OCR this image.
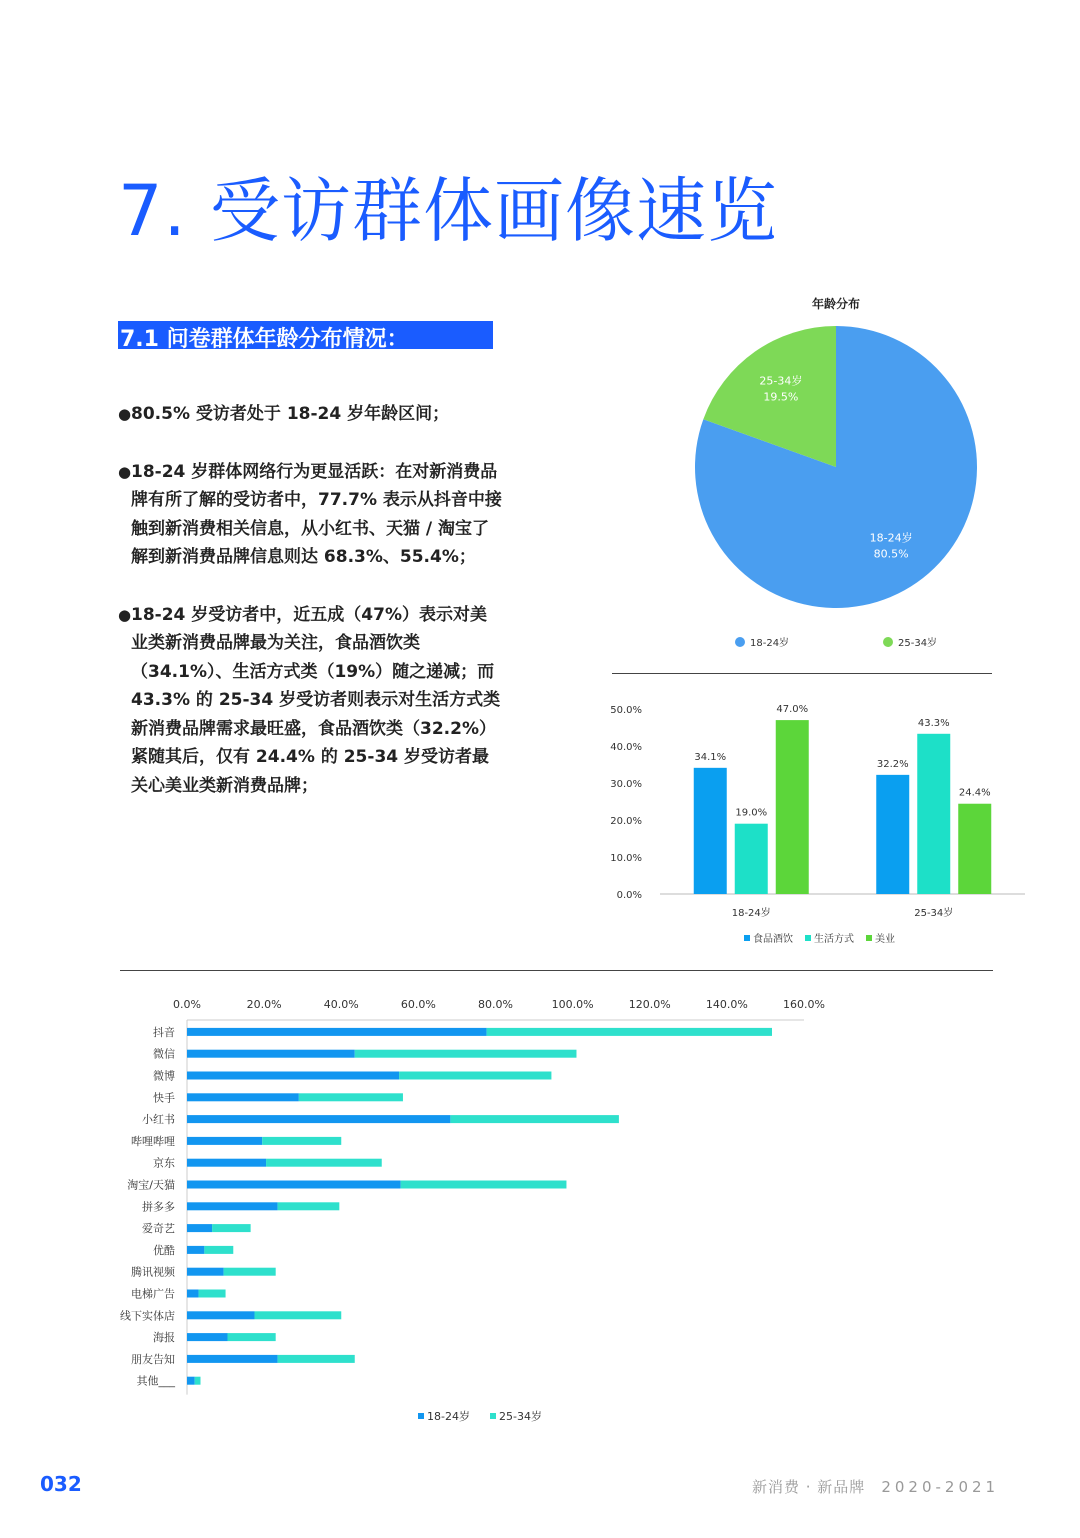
7. 受访群体画像速览
7.1 问卷群体年龄分布情况：
● 80.5% 受访者处于 18-24 岁年龄区间；
● 18-24 岁群体网络行为更显活跃：在对新消费品牌有所了解的受访者中，77.7% 表示从抖音中接触到新消费相关信息，从小红书、天猫 / 淘宝了解到新消费品牌信息则达 68.3%、55.4%；
● 18-24 岁受访者中，近五成（47%）表示对美业类新消费品牌最为关注，食品酒饮类（34.1%）、生活方式类（19%）随之递减；而 43.3% 的 25-34 岁受访者则表示对生活方式类新消费品牌需求最旺盛，食品酒饮类（32.2%）紧随其后，仅有 24.4% 的 25-34 岁受访者最关心美业类新消费品牌；
年龄分布
18-24岁
80.5%
25-34岁
19.5%
18-24岁	25-34岁
0.0%
10.0%
20.0%
30.0%
40.0%
50.0%
34.1%
19.0%
47.0%
18-24岁
32.2%
43.3%
24.4%
25-34岁
食品酒饮 生活方式 美业
0.0%	20.0%	40.0%	60.0%	80.0%	100.0%	120.0%	140.0%	160.0%
抖音
微信
微博
快手
小红书
哔哩哔哩
京东
淘宝/天猫
拼多多
爱奇艺
优酷
腾讯视频
电梯广告
线下实体店
海报
朋友告知
其他___
18-24岁	25-34岁
032	新消费 · 新品牌 2020-2021
